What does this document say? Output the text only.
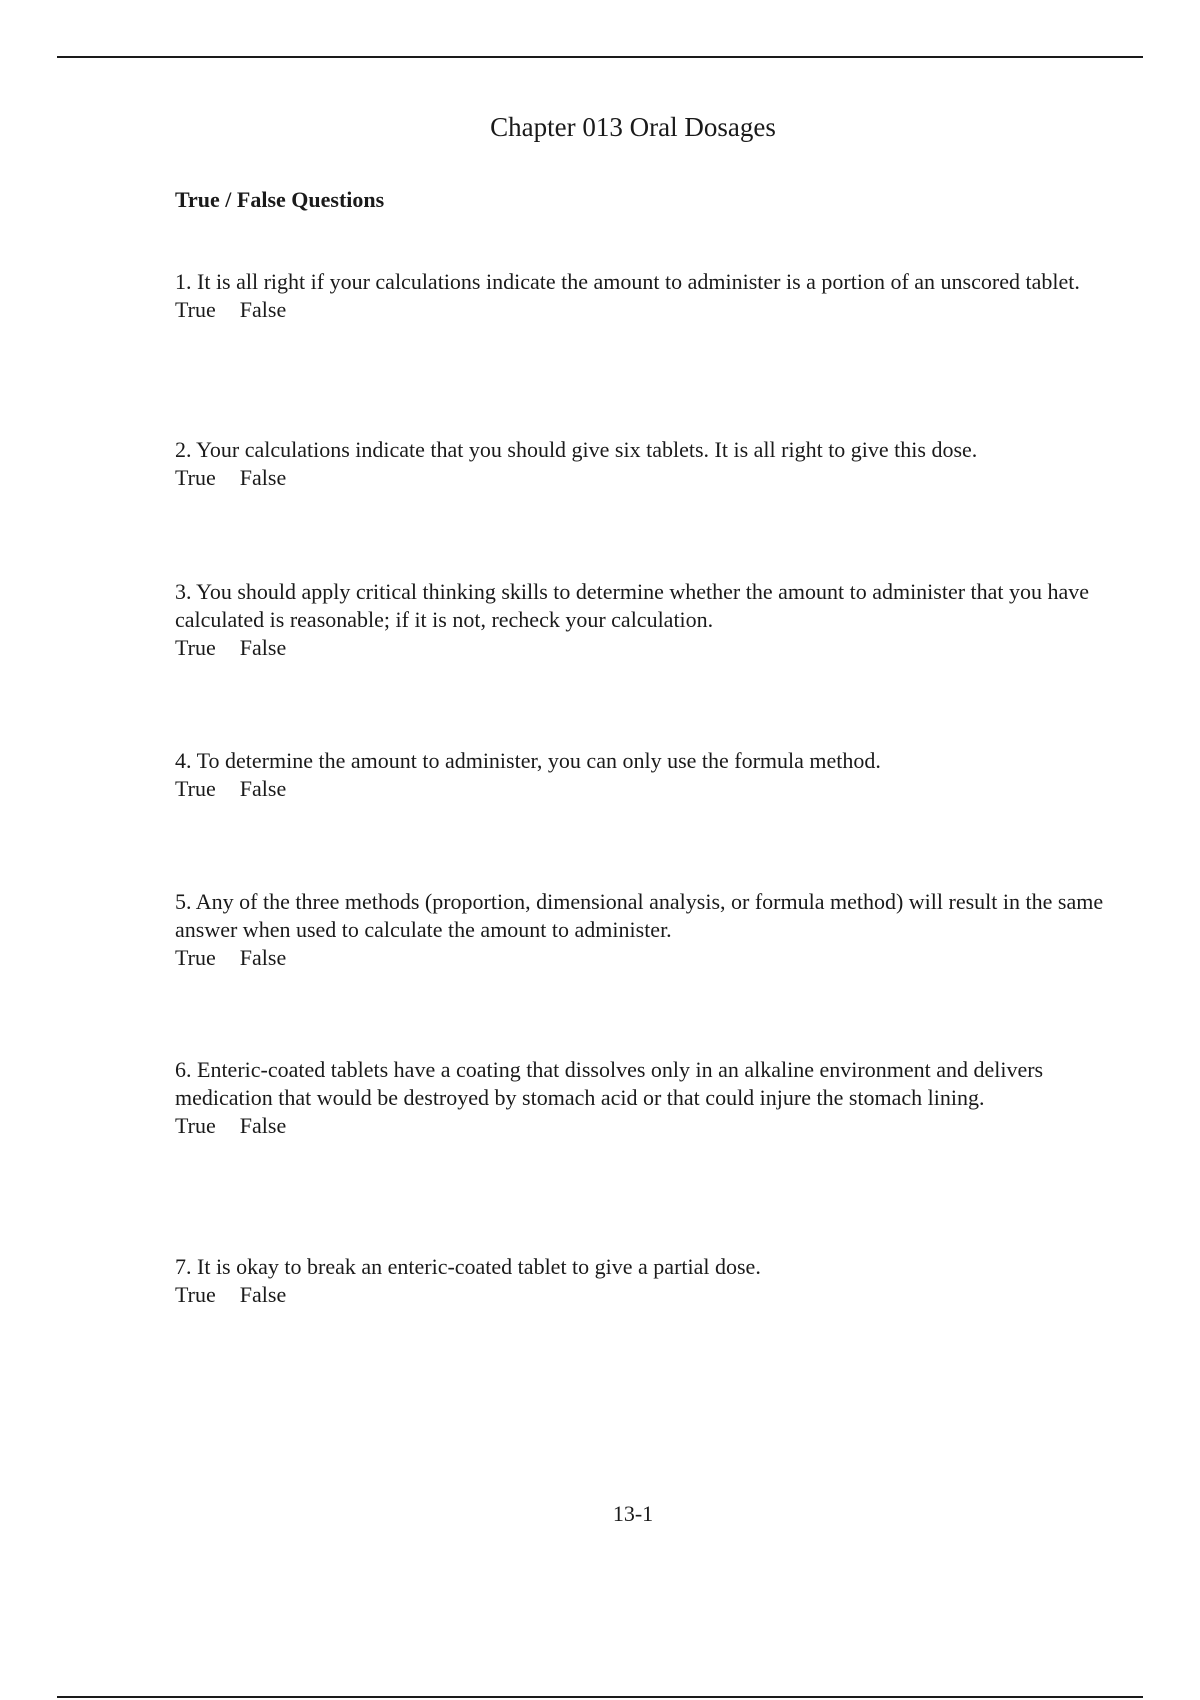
Chapter 013 Oral Dosages
True / False Questions

1. It is all right if your calculations indicate the amount to administer is a portion of an unscored tablet.

True False

2. Your calculations indicate that you should give six tablets. It is all right to give this dose.

True False

3. You should apply critical thinking skills to determine whether the amount to administer that you have calculated is reasonable; if it is not, recheck your calculation.

True False

4. To determine the amount to administer, you can only use the formula method.

True False

5. Any of the three methods (proportion, dimensional analysis, or formula method) will result in the same answer when used to calculate the amount to administer.

True False

6. Enteric-coated tablets have a coating that dissolves only in an alkaline environment and delivers medication that would be destroyed by stomach acid or that could injure the stomach lining.

True False

7. It is okay to break an enteric-coated tablet to give a partial dose.

True False
13-1
